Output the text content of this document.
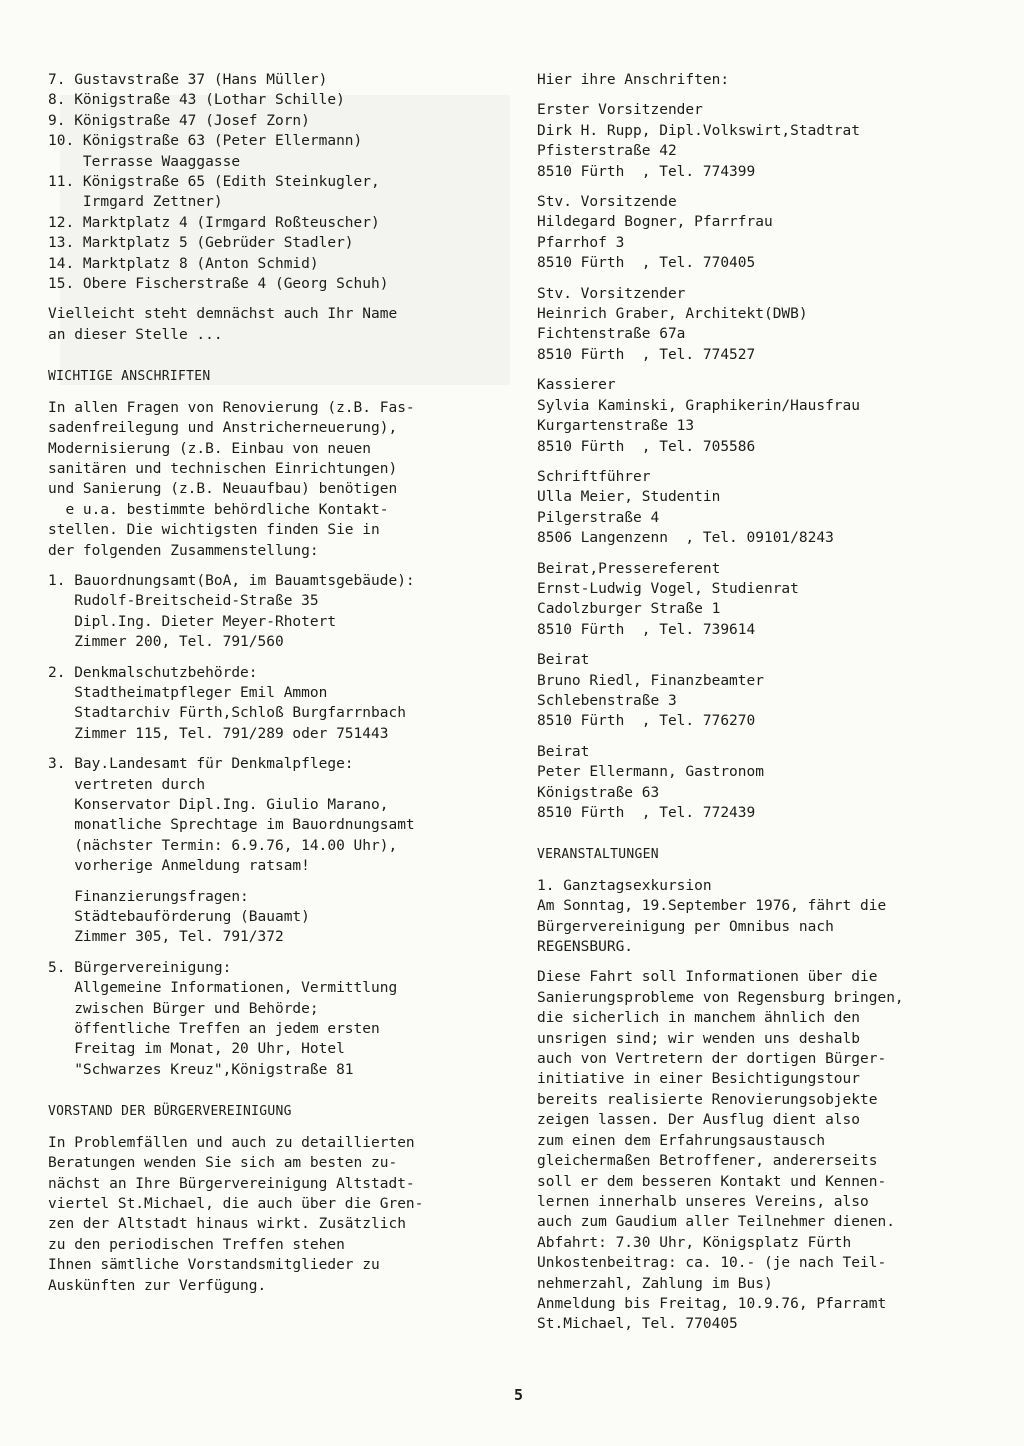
7. Gustavstraße 37 (Hans Müller)
8. Königstraße 43 (Lothar Schille)
9. Königstraße 47 (Josef Zorn)
10. Königstraße 63 (Peter Ellermann)
Terrasse Waaggasse
11. Königstraße 65 (Edith Steinkugler,
Irmgard Zettner)
12. Marktplatz 4 (Irmgard Roßteuscher)
13. Marktplatz 5 (Gebrüder Stadler)
14. Marktplatz 8 (Anton Schmid)
15. Obere Fischerstraße 4 (Georg Schuh)
Vielleicht steht demnächst auch Ihr Name
an dieser Stelle ...
WICHTIGE ANSCHRIFTEN
In allen Fragen von Renovierung (z.B. Fas-
sadenfreilegung und Anstricherneuerung),
Modernisierung (z.B. Einbau von neuen
sanitären und technischen Einrichtungen)
und Sanierung (z.B. Neuaufbau) benötigen
e u.a. bestimmte behördliche Kontakt-
stellen. Die wichtigsten finden Sie in
der folgenden Zusammenstellung:
1. Bauordnungsamt(BoA, im Bauamtsgebäude):
Rudolf-Breitscheid-Straße 35
Dipl.Ing. Dieter Meyer-Rhotert
Zimmer 200, Tel. 791/560
2. Denkmalschutzbehörde:
Stadtheimatpfleger Emil Ammon
Stadtarchiv Fürth,Schloß Burgfarrnbach
Zimmer 115, Tel. 791/289 oder 751443
3. Bay.Landesamt für Denkmalpflege:
vertreten durch
Konservator Dipl.Ing. Giulio Marano,
monatliche Sprechtage im Bauordnungsamt
(nächster Termin: 6.9.76, 14.00 Uhr),
vorherige Anmeldung ratsam!
Finanzierungsfragen:
Städtebauförderung (Bauamt)
Zimmer 305, Tel. 791/372
5. Bürgervereinigung:
Allgemeine Informationen, Vermittlung
zwischen Bürger und Behörde;
öffentliche Treffen an jedem ersten
Freitag im Monat, 20 Uhr, Hotel
"Schwarzes Kreuz",Königstraße 81
VORSTAND DER BÜRGERVEREINIGUNG
In Problemfällen und auch zu detaillierten
Beratungen wenden Sie sich am besten zu-
nächst an Ihre Bürgervereinigung Altstadt-
viertel St.Michael, die auch über die Gren-
zen der Altstadt hinaus wirkt. Zusätzlich
zu den periodischen Treffen stehen
Ihnen sämtliche Vorstandsmitglieder zu
Auskünften zur Verfügung.
Hier ihre Anschriften:
Erster Vorsitzender
Dirk H. Rupp, Dipl.Volkswirt,Stadtrat
Pfisterstraße 42
8510 Fürth  , Tel. 774399
Stv. Vorsitzende
Hildegard Bogner, Pfarrfrau
Pfarrhof 3
8510 Fürth  , Tel. 770405
Stv. Vorsitzender
Heinrich Graber, Architekt(DWB)
Fichtenstraße 67a
8510 Fürth  , Tel. 774527
Kassierer
Sylvia Kaminski, Graphikerin/Hausfrau
Kurgartenstraße 13
8510 Fürth  , Tel. 705586
Schriftführer
Ulla Meier, Studentin
Pilgerstraße 4
8506 Langenzenn  , Tel. 09101/8243
Beirat,Pressereferent
Ernst-Ludwig Vogel, Studienrat
Cadolzburger Straße 1
8510 Fürth  , Tel. 739614
Beirat
Bruno Riedl, Finanzbeamter
Schlebenstraße 3
8510 Fürth  , Tel. 776270
Beirat
Peter Ellermann, Gastronom
Königstraße 63
8510 Fürth  , Tel. 772439
VERANSTALTUNGEN
1. Ganztagsexkursion
Am Sonntag, 19.September 1976, fährt die
Bürgervereinigung per Omnibus nach
REGENSBURG.
Diese Fahrt soll Informationen über die
Sanierungsprobleme von Regensburg bringen,
die sicherlich in manchem ähnlich den
unsrigen sind; wir wenden uns deshalb
auch von Vertretern der dortigen Bürger-
initiative in einer Besichtigungstour
bereits realisierte Renovierungsobjekte
zeigen lassen. Der Ausflug dient also
zum einen dem Erfahrungsaustausch
gleichermaßen Betroffener, andererseits
soll er dem besseren Kontakt und Kennen-
lernen innerhalb unseres Vereins, also
auch zum Gaudium aller Teilnehmer dienen.
Abfahrt: 7.30 Uhr, Königsplatz Fürth
Unkostenbeitrag: ca. 10.- (je nach Teil-
nehmerzahl, Zahlung im Bus)
Anmeldung bis Freitag, 10.9.76, Pfarramt
St.Michael, Tel. 770405
5
